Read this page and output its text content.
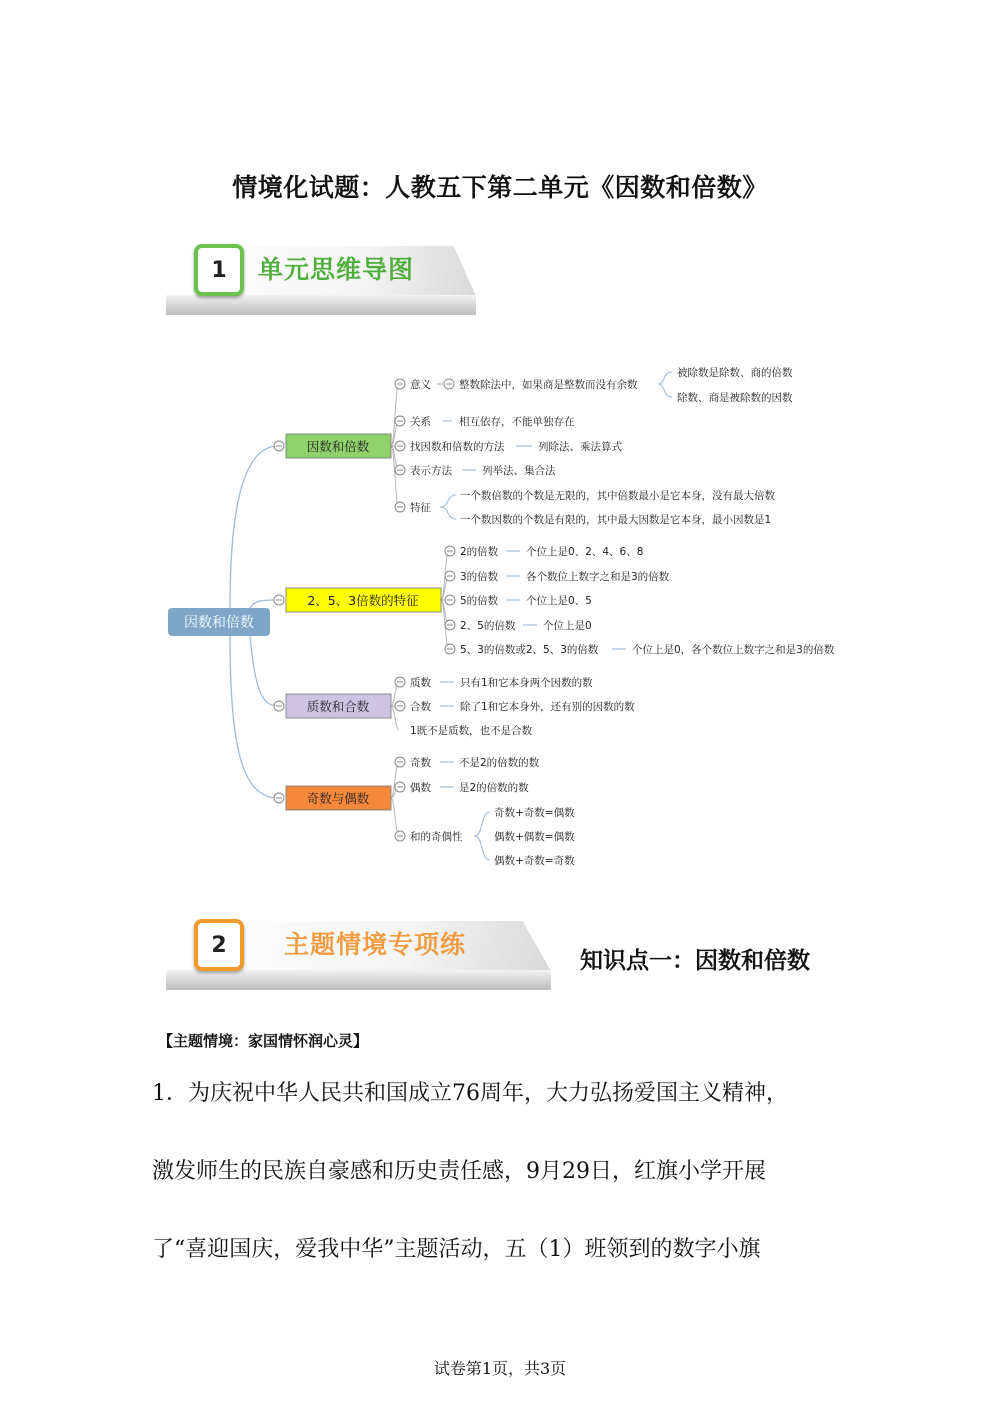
情境化试题：人教五下第二单元《因数和倍数》
1	单元思维导图
因数和倍数
因数和倍数
2、5、3倍数的特征
质数和合数
奇数与偶数
意义	整数除法中，如果商是整数而没有余数
被除数是除数、商的倍数
除数、商是被除数的因数
关系	相互依存，不能单独存在
找因数和倍数的方法	列除法、乘法算式
表示方法	列举法、集合法
特征
一个数倍数的个数是无限的，其中倍数最小是它本身，没有最大倍数
一个数因数的个数是有限的，其中最大因数是它本身，最小因数是1
2的倍数	个位上是0、2、4、6、8
3的倍数	各个数位上数字之和是3的倍数
5的倍数	个位上是0、5
2、5的倍数	个位上是0
5、3的倍数或2、5、3的倍数	个位上是0，各个数位上数字之和是3的倍数
质数	只有1和它本身两个因数的数
合数	除了1和它本身外，还有别的因数的数
1既不是质数，也不是合数
奇数	不是2的倍数的数
偶数	是2的倍数的数
和的奇偶性
奇数+奇数=偶数
偶数+偶数=偶数
偶数+奇数=奇数
2	主题情境专项练
知识点一：因数和倍数
【主题情境：家国情怀润心灵】
1．为庆祝中华人民共和国成立76周年，大力弘扬爱国主义精神，
激发师生的民族自豪感和历史责任感，9月29日，红旗小学开展
了“喜迎国庆，爱我中华”主题活动，五（1）班领到的数字小旗
试卷第1页，共3页
